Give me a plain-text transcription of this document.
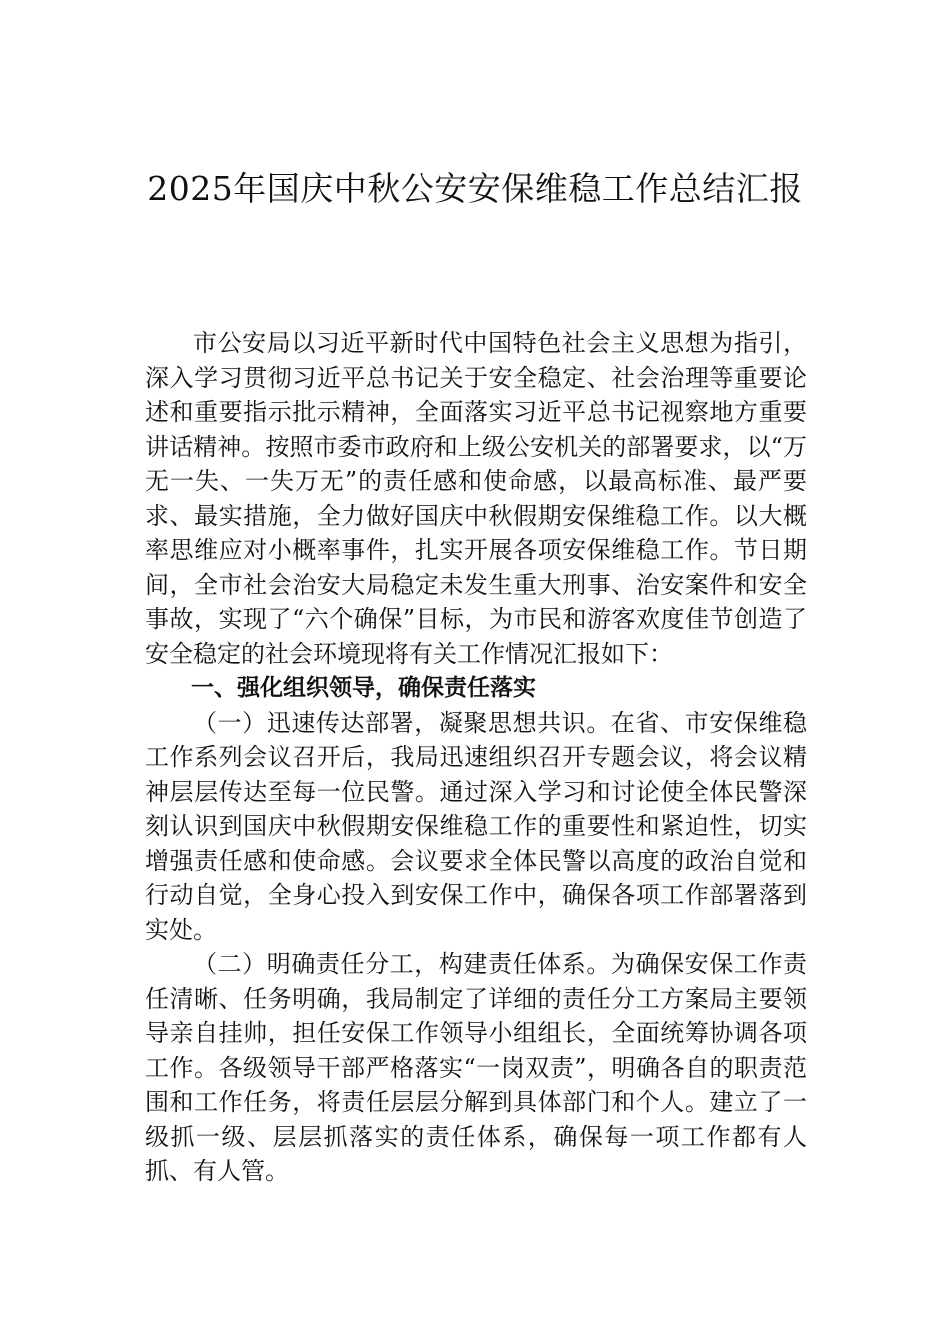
2025年国庆中秋公安安保维稳工作总结汇报

市公安局以习近平新时代中国特色社会主义思想为指引，深入学习贯彻习近平总书记关于安全稳定、社会治理等重要论述和重要指示批示精神，全面落实习近平总书记视察地方重要讲话精神。按照市委市政府和上级公安机关的部署要求，以“万无一失、一失万无”的责任感和使命感，以最高标准、最严要求、最实措施，全力做好国庆中秋假期安保维稳工作。以大概率思维应对小概率事件，扎实开展各项安保维稳工作。节日期间，全市社会治安大局稳定未发生重大刑事、治安案件和安全事故，实现了“六个确保”目标，为市民和游客欢度佳节创造了安全稳定的社会环境现将有关工作情况汇报如下：

一、强化组织领导，确保责任落实

（一）迅速传达部署，凝聚思想共识。在省、市安保维稳工作系列会议召开后，我局迅速组织召开专题会议，将会议精神层层传达至每一位民警。通过深入学习和讨论使全体民警深刻认识到国庆中秋假期安保维稳工作的重要性和紧迫性，切实增强责任感和使命感。会议要求全体民警以高度的政治自觉和行动自觉，全身心投入到安保工作中，确保各项工作部署落到实处。

（二）明确责任分工，构建责任体系。为确保安保工作责任清晰、任务明确，我局制定了详细的责任分工方案局主要领导亲自挂帅，担任安保工作领导小组组长，全面统筹协调各项工作。各级领导干部严格落实“一岗双责”，明确各自的职责范围和工作任务，将责任层层分解到具体部门和个人。建立了一级抓一级、层层抓落实的责任体系，确保每一项工作都有人抓、有人管。
